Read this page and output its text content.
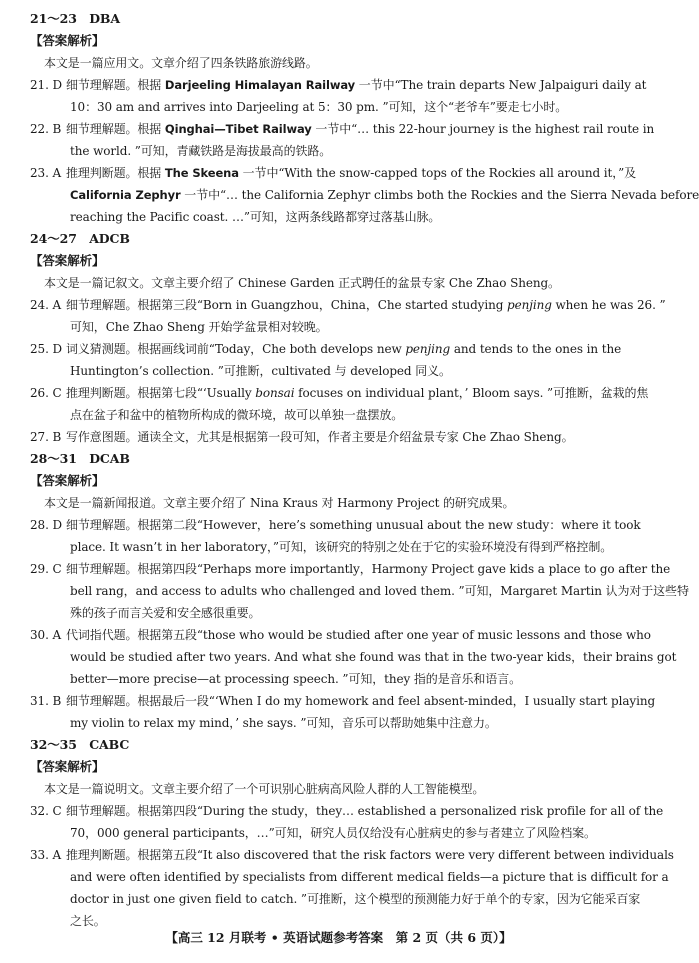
21～23　DBA
【答案解析】
本文是一篇应用文。文章介绍了四条铁路旅游线路。
21. D 细节理解题。根据 Darjeeling Himalayan Railway 一节中“The train departs New Jalpaiguri daily at
10：30 am and arrives into Darjeeling at 5：30 pm. ”可知，这个“老爷车”要走七小时。
22. B 细节理解题。根据 Qinghai—Tibet Railway 一节中“… this 22-hour journey is the highest rail route in
the world. ”可知，青藏铁路是海拔最高的铁路。
23. A 推理判断题。根据 The Skeena 一节中“With the snow-capped tops of the Rockies all around it，”及
California Zephyr 一节中“… the California Zephyr climbs both the Rockies and the Sierra Nevada before
reaching the Pacific coast. …”可知，这两条线路都穿过落基山脉。
24～27　ADCB
【答案解析】
本文是一篇记叙文。文章主要介绍了 Chinese Garden 正式聘任的盆景专家 Che Zhao Sheng。
24. A 细节理解题。根据第三段“Born in Guangzhou，China，Che started studying penjing when he was 26. ”
可知，Che Zhao Sheng 开始学盆景相对较晚。
25. D 词义猜测题。根据画线词前“Today，Che both develops new penjing and tends to the ones in the
Huntington’s collection. ”可推断，cultivated 与 developed 同义。
26. C 推理判断题。根据第七段“‘Usually bonsai focuses on individual plant，’ Bloom says. ”可推断，盆栽的焦
点在盆子和盆中的植物所构成的微环境，故可以单独一盘摆放。
27. B 写作意图题。通读全文，尤其是根据第一段可知，作者主要是介绍盆景专家 Che Zhao Sheng。
28～31　DCAB
【答案解析】
本文是一篇新闻报道。文章主要介绍了 Nina Kraus 对 Harmony Project 的研究成果。
28. D 细节理解题。根据第二段“However，here’s something unusual about the new study：where it took
place. It wasn’t in her laboratory，”可知，该研究的特别之处在于它的实验环境没有得到严格控制。
29. C 细节理解题。根据第四段“Perhaps more importantly，Harmony Project gave kids a place to go after the
bell rang，and access to adults who challenged and loved them. ”可知，Margaret Martin 认为对于这些特
殊的孩子而言关爱和安全感很重要。
30. A 代词指代题。根据第五段“those who would be studied after one year of music lessons and those who
would be studied after two years. And what she found was that in the two-year kids，their brains got
better—more precise—at processing speech. ”可知，they 指的是音乐和语言。
31. B 细节理解题。根据最后一段“‘When I do my homework and feel absent-minded，I usually start playing
my violin to relax my mind，’ she says. ”可知，音乐可以帮助她集中注意力。
32～35　CABC
【答案解析】
本文是一篇说明文。文章主要介绍了一个可识别心脏病高风险人群的人工智能模型。
32. C 细节理解题。根据第四段“During the study，they… established a personalized risk profile for all of the
70，000 general participants，…”可知，研究人员仅给没有心脏病史的参与者建立了风险档案。
33. A 推理判断题。根据第五段“It also discovered that the risk factors were very different between individuals
and were often identified by specialists from different medical fields—a picture that is difficult for a
doctor in just one given field to catch. ”可推断，这个模型的预测能力好于单个的专家，因为它能采百家
之长。
【高三 12 月联考 • 英语试题参考答案　第 2 页（共 6 页）】
